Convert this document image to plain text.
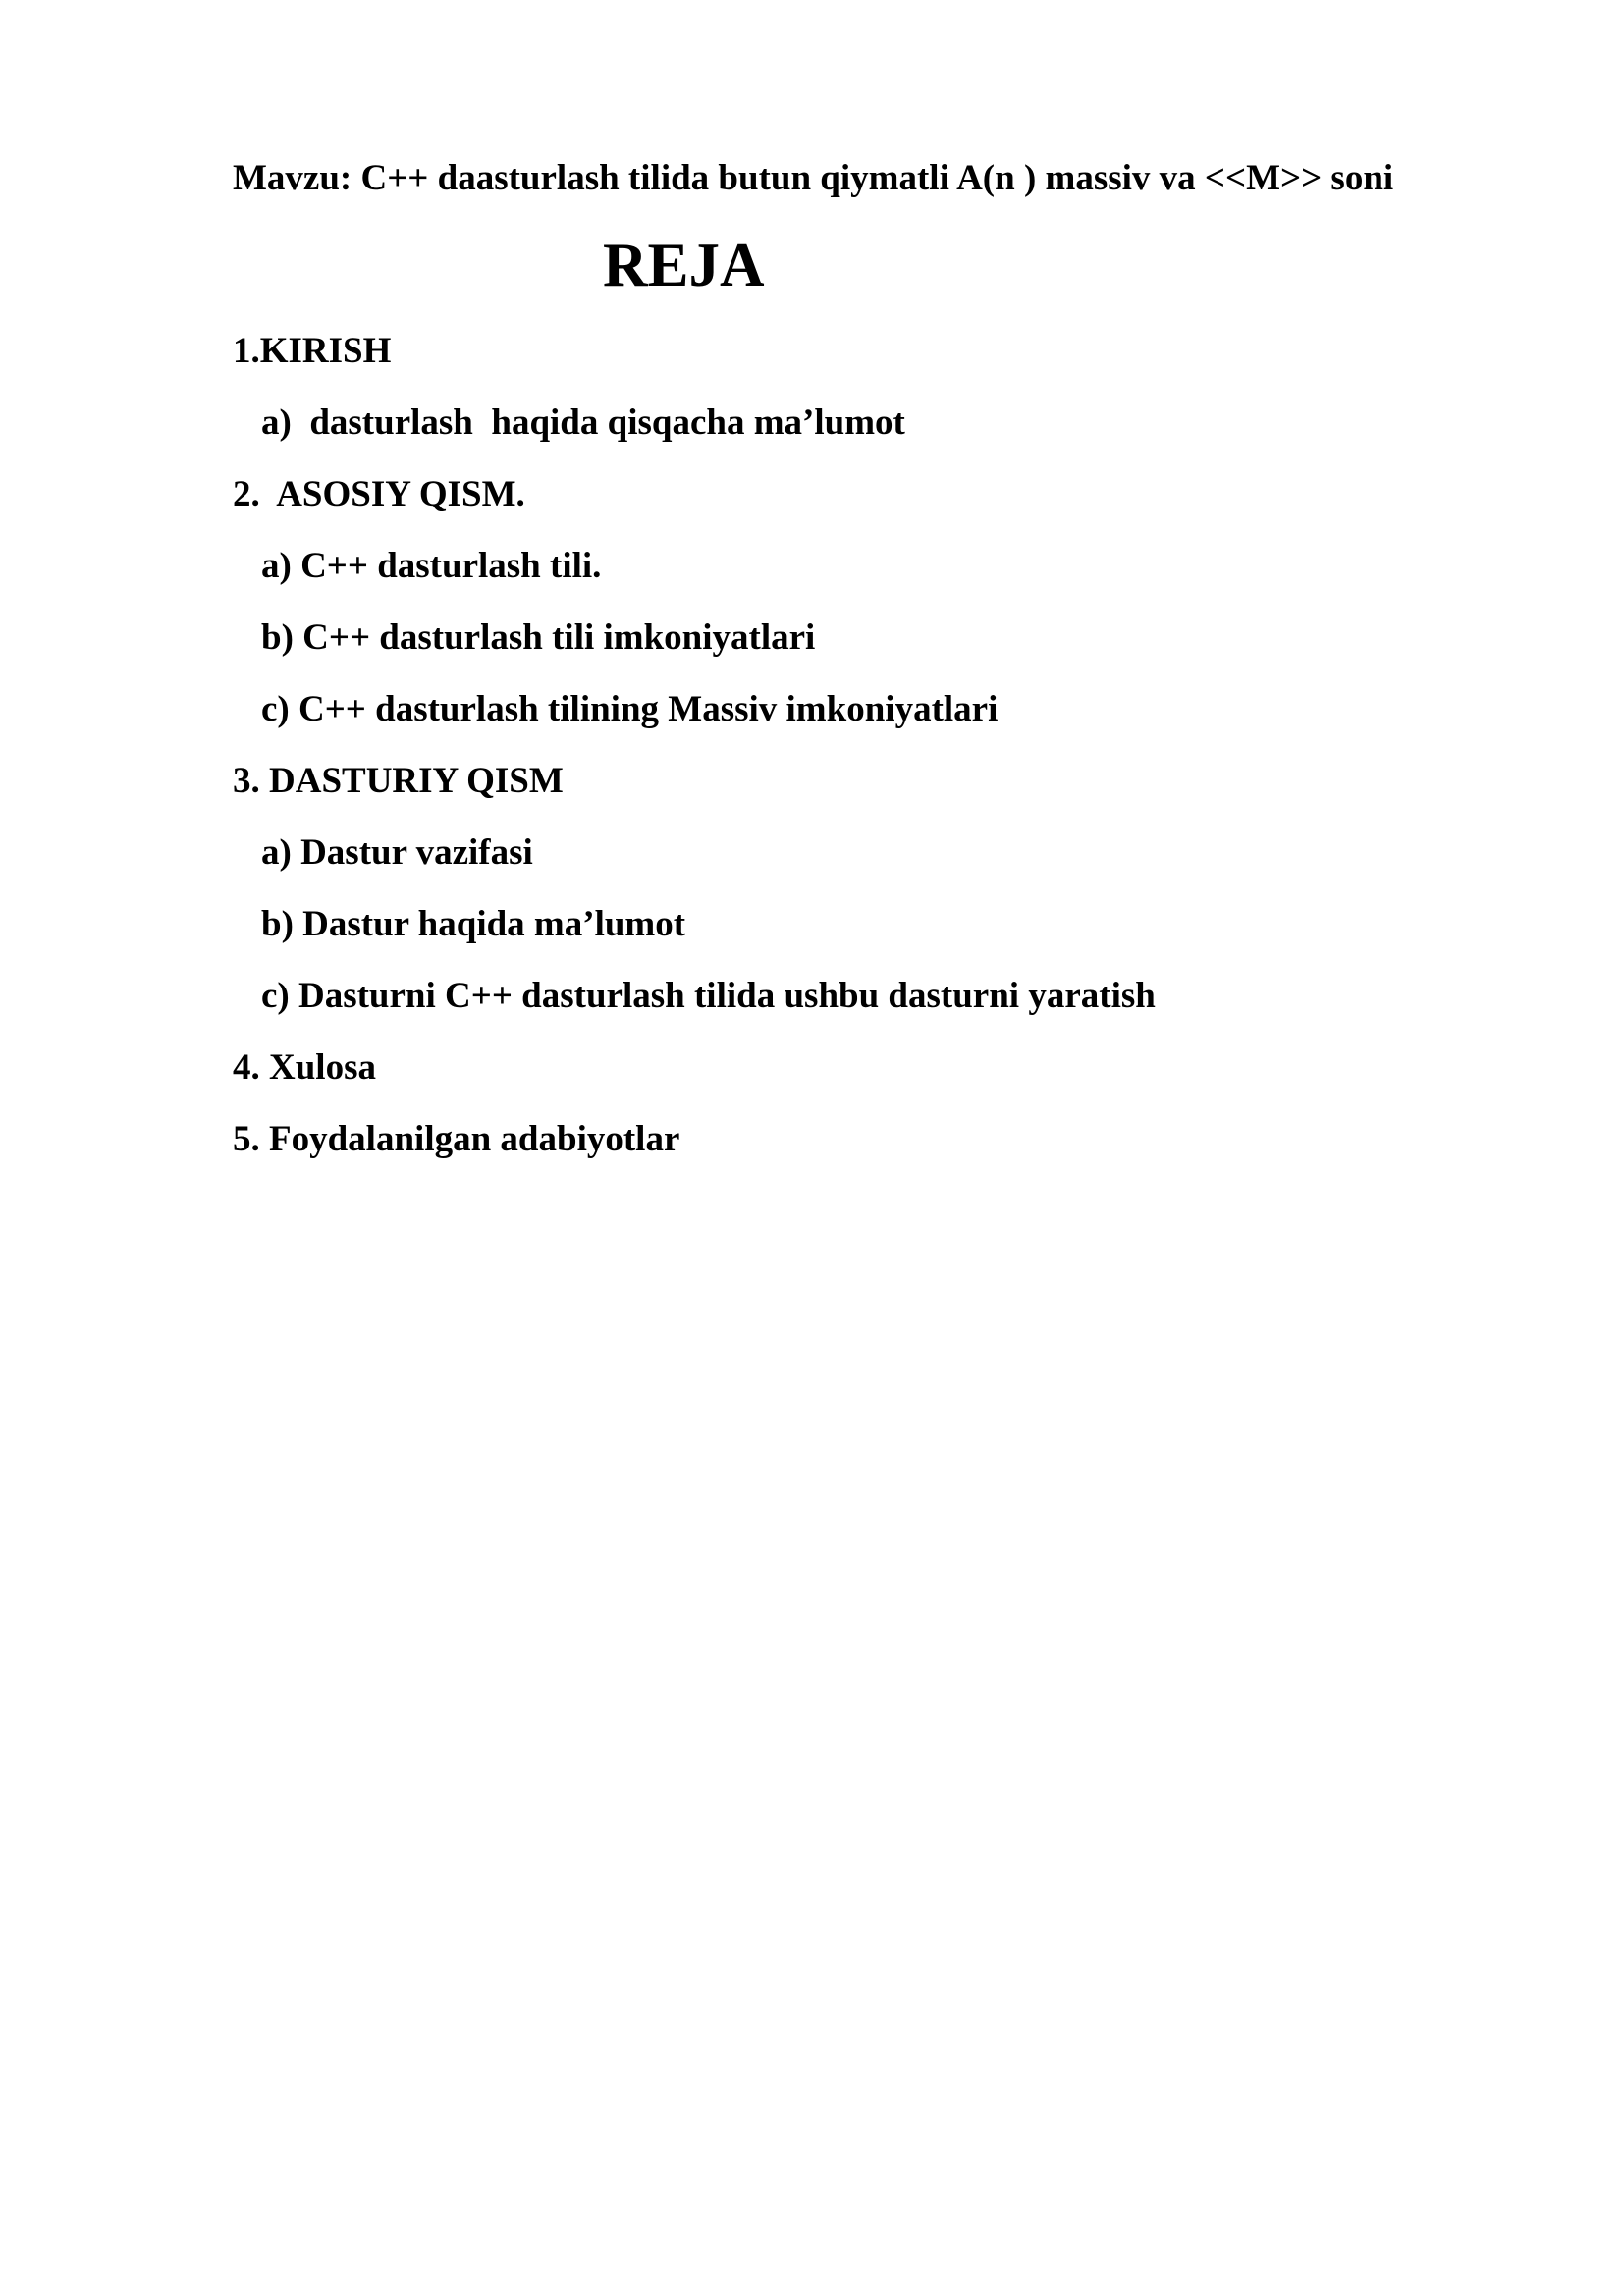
Mavzu: C++ daasturlash tilida butun qiymatli A(n ) massiv va <<M>> soni
REJA
1.KIRISH
a)  dasturlash  haqida qisqacha ma’lumot
2.  ASOSIY QISM.
a) C++ dasturlash tili.
b) C++ dasturlash tili imkoniyatlari
c) C++ dasturlash tilining Massiv imkoniyatlari
3. DASTURIY QISM
a) Dastur vazifasi
b) Dastur haqida ma’lumot
c) Dasturni C++ dasturlash tilida ushbu dasturni yaratish
4. Xulosa
5. Foydalanilgan adabiyotlar
